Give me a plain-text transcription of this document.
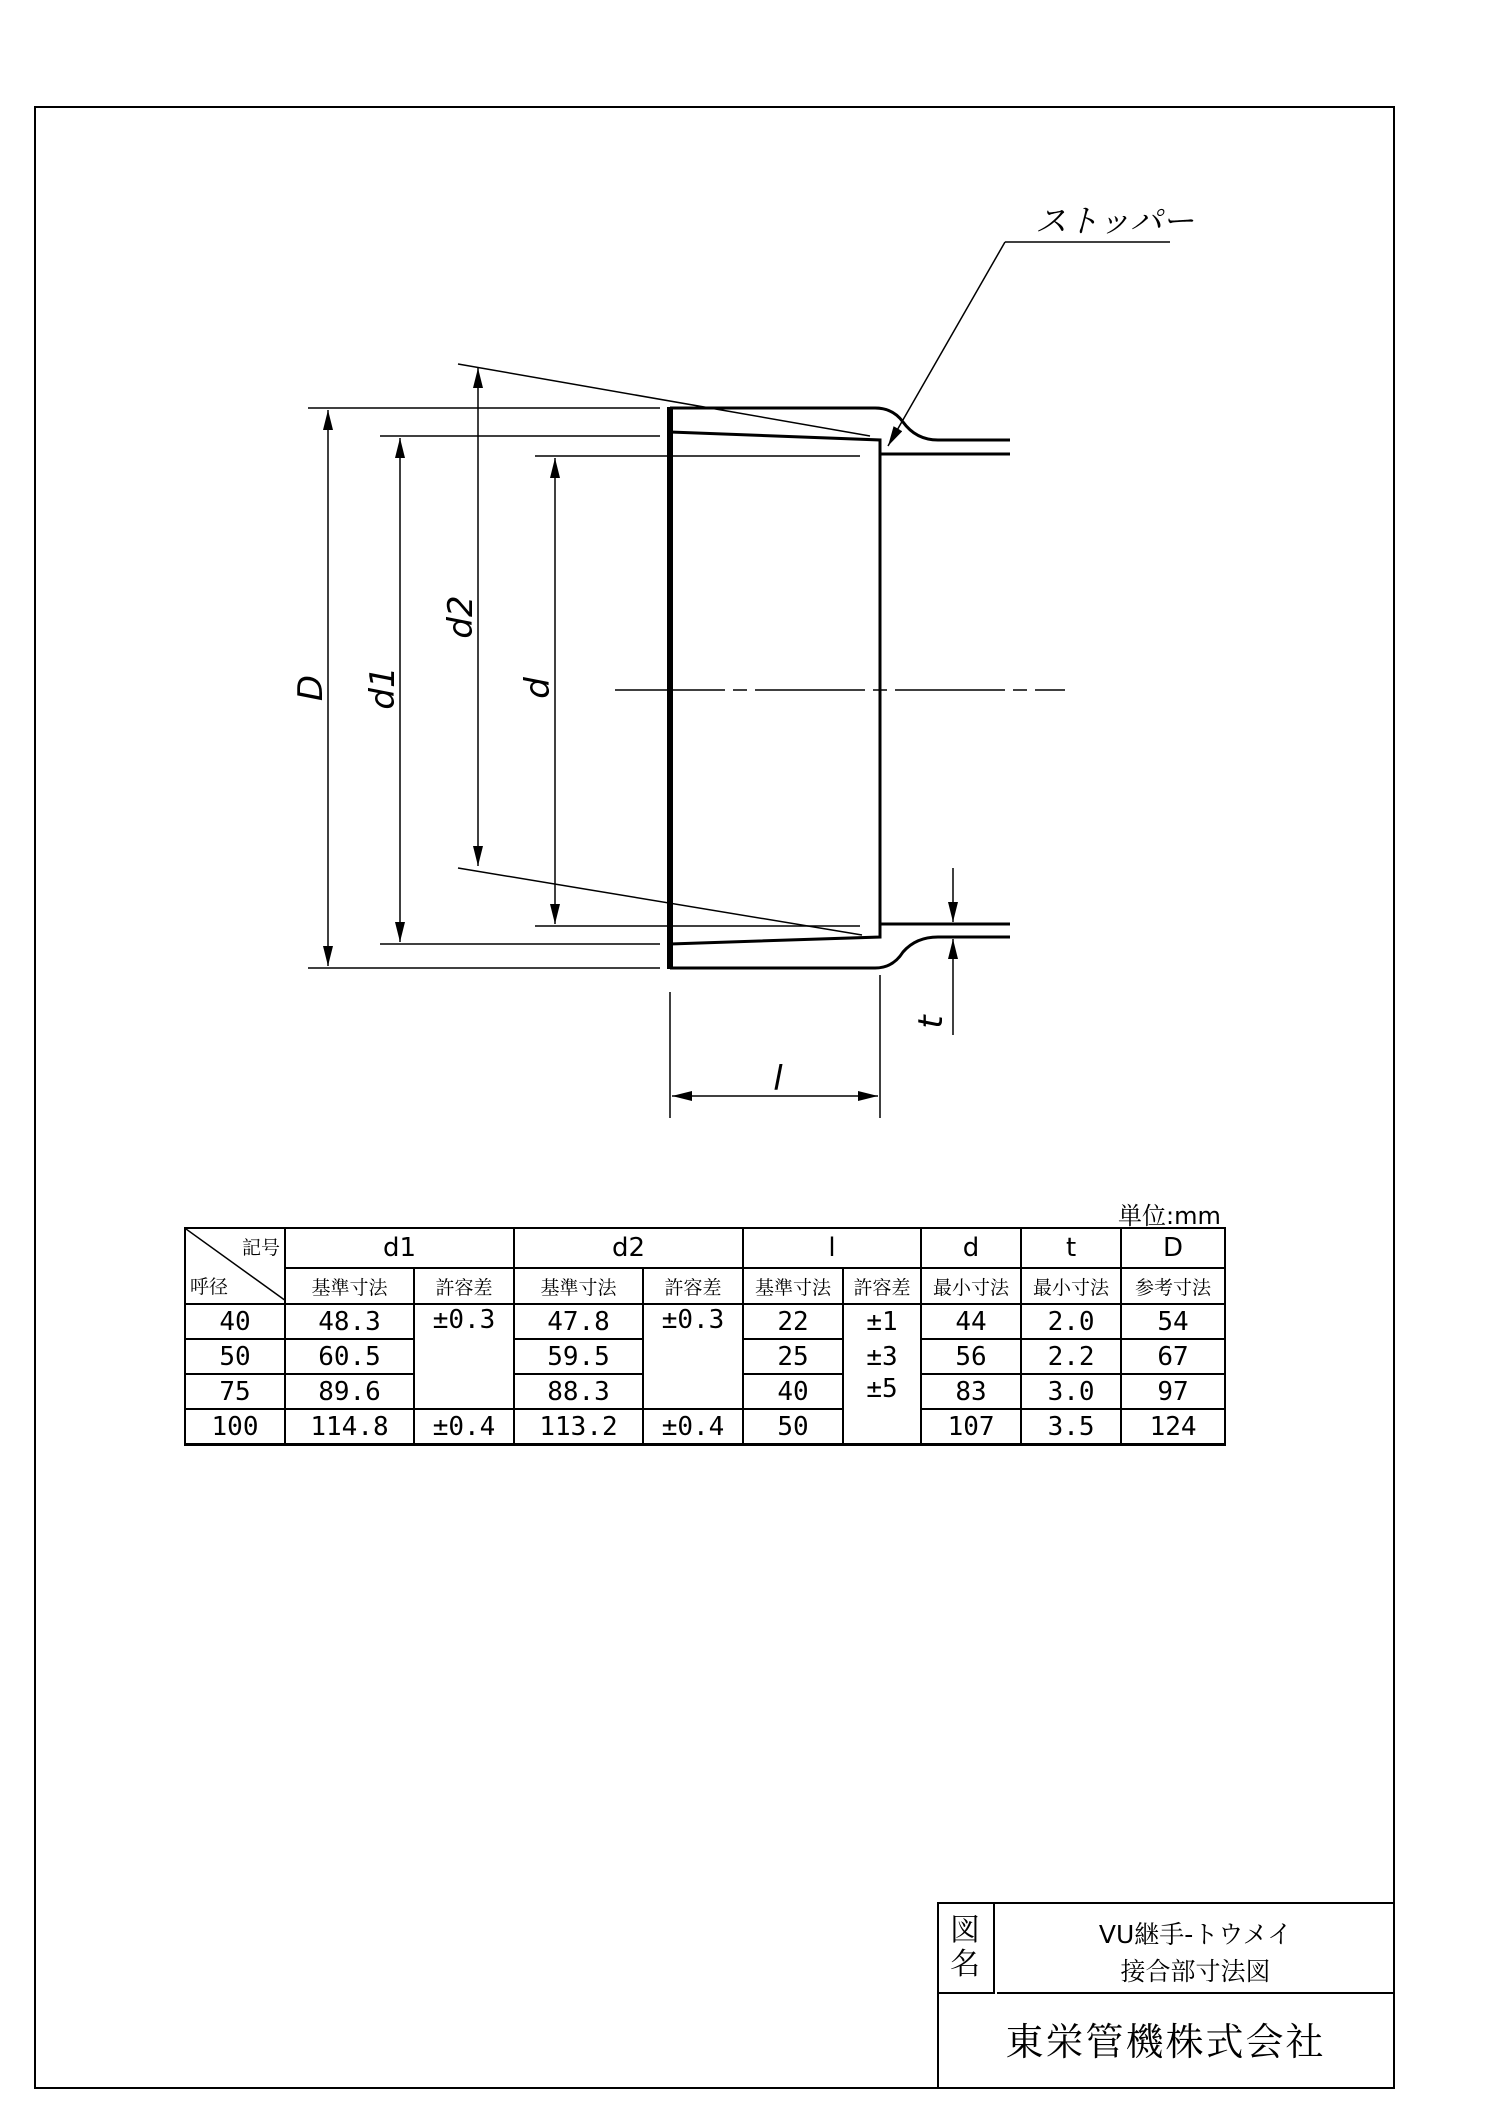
ストッパー
D d1
d2
d
t
l
単位:mm
記号
呼径	d1		d2		l		d	t	D
	基準寸法	許容差	基準寸法	許容差	基準寸法	許容差	最小寸法	最小寸法	参考寸法
40	48.3	±0.3	47.8	±0.3	22	±1	44	2.0	54
50	60.5		59.5		25	±3	56	2.2	67
75	89.6		88.3		40	±5	83	3.0	97
100	114.8	±0.4	113.2	±0.4	50		107	3.5	124
図
名
VU継手-トウメイ
接合部寸法図
東栄管機株式会社
